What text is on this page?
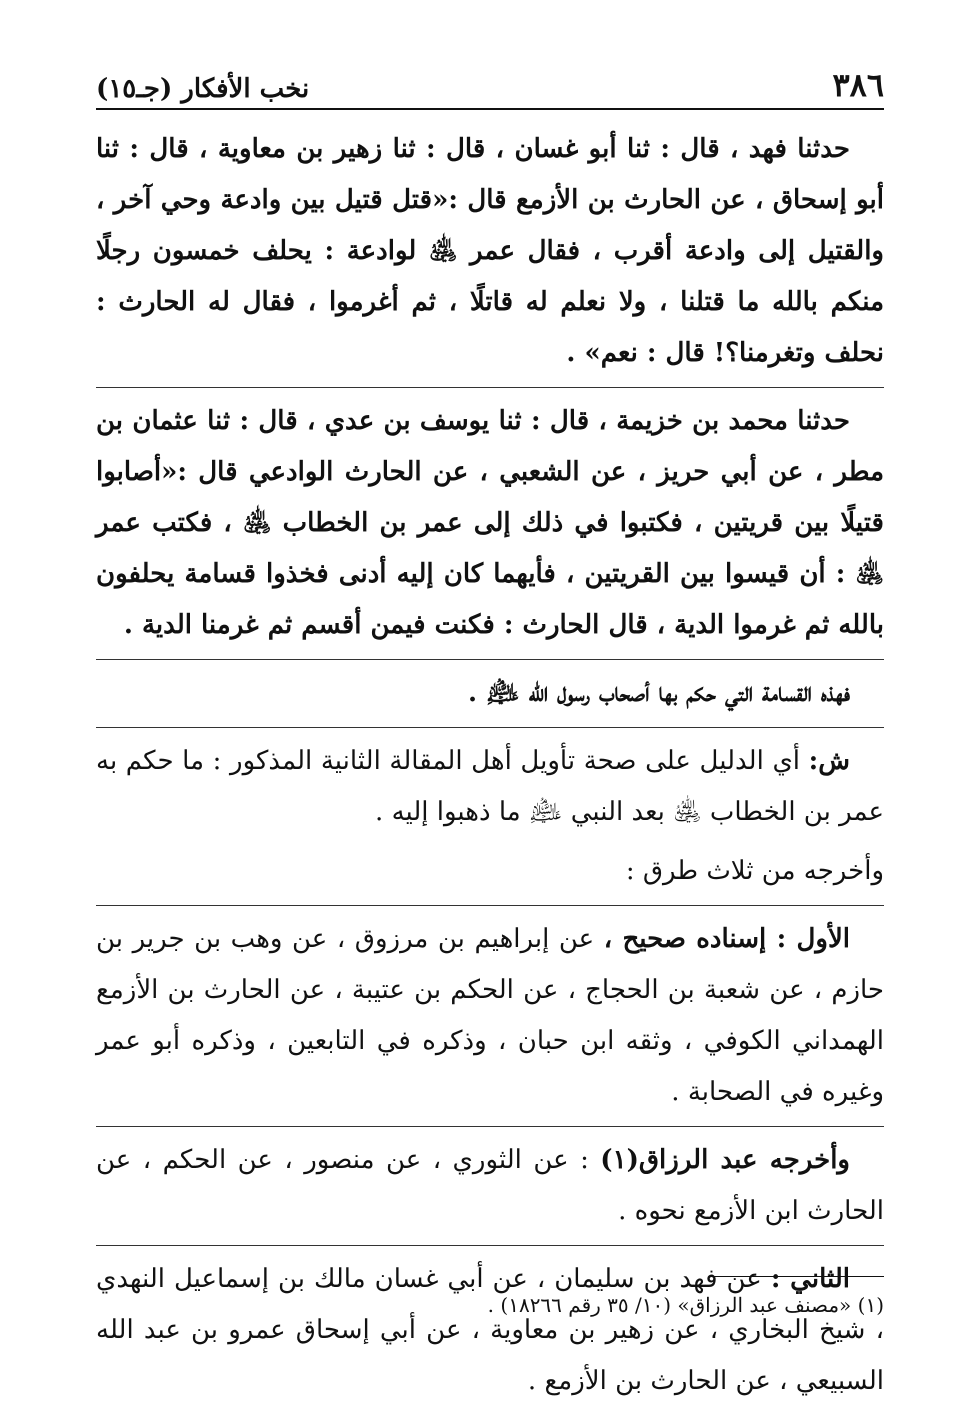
٣٨٦
نخب الأفكار (جـ١٥)

حدثنا فهد ، قال : ثنا أبو غسان ، قال : ثنا زهير بن معاوية ، قال : ثنا أبو إسحاق ، عن الحارث بن الأزمع قال :«قتل قتيل بين وادعة وحي آخر ، والقتيل إلى وادعة أقرب ، فقال عمر ﵁ لوادعة : يحلف خمسون رجلًا منكم بالله ما قتلنا ، ولا نعلم له قاتلًا ، ثم أغرموا ، فقال له الحارث : نحلف وتغرمنا؟! قال : نعم» .

حدثنا محمد بن خزيمة ، قال : ثنا يوسف بن عدي ، قال : ثنا عثمان بن مطر ، عن أبي حريز ، عن الشعبي ، عن الحارث الوادعي قال :«أصابوا قتيلًا بين قريتين ، فكتبوا في ذلك إلى عمر بن الخطاب ﵁ ، فكتب عمر ﵁ : أن قيسوا بين القريتين ، فأيهما كان إليه أدنى فخذوا قسامة يحلفون بالله ثم غرموا الدية ، قال الحارث : فكنت فيمن أقسم ثم غرمنا الدية .

فهذه القسامة التي حكم بها أصحاب رسول الله ﵇ .

ش: أي الدليل على صحة تأويل أهل المقالة الثانية المذكور : ما حكم به عمر بن الخطاب ﵁ بعد النبي ﵇ ما ذهبوا إليه .

وأخرجه من ثلاث طرق :

الأول : إسناده صحيح ، عن إبراهيم بن مرزوق ، عن وهب بن جرير بن حازم ، عن شعبة بن الحجاج ، عن الحكم بن عتيبة ، عن الحارث بن الأزمع الهمداني الكوفي ، وثقه ابن حبان ، وذكره في التابعين ، وذكره أبو عمر وغيره في الصحابة .

وأخرجه عبد الرزاق(١) : عن الثوري ، عن منصور ، عن الحكم ، عن الحارث ابن الأزمع نحوه .

الثاني : عن فهد بن سليمان ، عن أبي غسان مالك بن إسماعيل النهدي ، شيخ البخاري ، عن زهير بن معاوية ، عن أبي إسحاق عمرو بن عبد الله السبيعي ، عن الحارث بن الأزمع .

(١) «مصنف عبد الرزاق» (١٠/ ٣٥ رقم ١٨٢٦٦) .
